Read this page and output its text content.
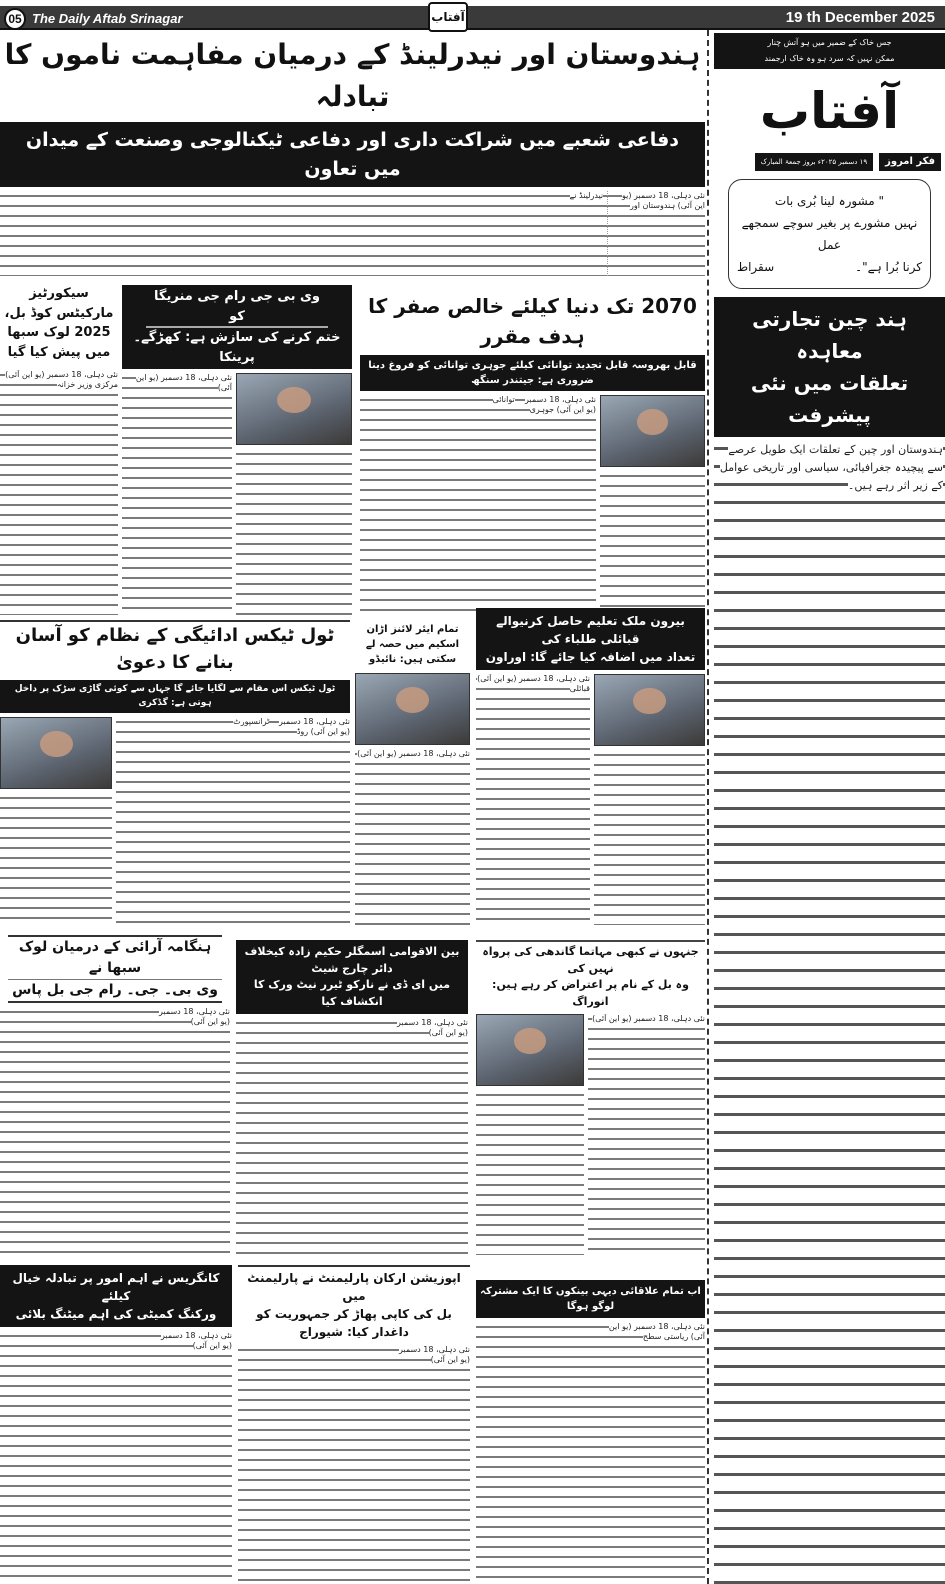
05 The Daily Aftab Srinagar	آفتاب	19 th December 2025
ہندوستان اور نیدرلینڈ کے درمیان مفاہمت ناموں کا تبادلہ
دفاعی شعبے میں شراکت داری اور دفاعی ٹیکنالوجی وصنعت کے میدان میں تعاون
نئی دہلی، 18 دسمبر (یو این آئی) ہندوستان اور نیدرلینڈ نے
سیکورٹیز مارکیٹس کوڈ بل، 2025 لوک سبھا میں پیش کیا گیا
نئی دہلی، 18 دسمبر (یو این آئی) مرکزی وزیر خزانہ
وی بی جی رام جی منریگا کو
ختم کرنے کی سازش ہے: کھڑگے۔ پرینکا
نئی دہلی، 18 دسمبر (یو این آئی)
2070 تک دنیا کیلئے خالص صفر کا ہدف مقرر
قابل بھروسہ قابل تجدید توانائی کیلئے جوہری توانائی کو فروغ دینا ضروری ہے: جیتندر سنگھ
نئی دہلی، 18 دسمبر (یو این آئی) جوہری توانائی
ٹول ٹیکس ادائیگی کے نظام کو آسان بنانے کا دعویٰ
ٹول ٹیکس اس مقام سے لگایا جائے گا جہاں سے کوئی گاڑی سڑک پر داخل ہوتی ہے: گڈکری
نئی دہلی، 18 دسمبر (یو این آئی) روڈ ٹرانسپورٹ
تمام ایئر لائنز اڑان اسکیم میں حصہ لے سکتی ہیں: نائیڈو
نئی دہلی، 18 دسمبر (یو این آئی)
بیرون ملک تعلیم حاصل کرنیوالے قبائلی طلباء کی
تعداد میں اضافہ کیا جائے گا: اوراون
نئی دہلی، 18 دسمبر (یو این آئی) قبائلی
ہنگامہ آرائی کے درمیان لوک سبھا نے
وی بی۔ جی۔ رام جی بل پاس
نئی دہلی، 18 دسمبر (یو این آئی)
بین الاقوامی اسمگلر حکیم زادہ کیخلاف دائر چارج شیٹ
میں ای ڈی نے نارکو ٹیرر نیٹ ورک کا انکشاف کیا
نئی دہلی، 18 دسمبر (یو این آئی)
جنہوں نے کبھی مہاتما گاندھی کی پرواہ نہیں کی
وہ بل کے نام پر اعتراض کر رہے ہیں: انوراگ
نئی دہلی، 18 دسمبر (یو این آئی)
کانگریس نے اہم امور پر تبادلہ خیال کیلئے
ورکنگ کمیٹی کی اہم میٹنگ بلائی
نئی دہلی، 18 دسمبر (یو این آئی)
اپوزیشن ارکان پارلیمنٹ نے پارلیمنٹ میں
بل کی کاپی پھاڑ کر جمہوریت کو داغدار کیا: شیوراج
نئی دہلی، 18 دسمبر (یو این آئی)
اب تمام علاقائی دیہی بینکوں کا ایک مشترکہ لوگو ہوگا
نئی دہلی، 18 دسمبر (یو این آئی) ریاستی سطح
جس خاک کے ضمیر میں ہو آتش چنار
ممکن نہیں کہ سرد ہو وہ خاک ارجمند
آفتاب
فکر امروز
۱۹ دسمبر ۲۰۲۵ء بروز جمعۃ المبارک
" مشورہ لینا بُری بات
نہیں مشورے پر بغیر سوچے سمجھے عمل
کرنا بُرا ہے"۔
سقراط
ہند چین تجارتی معاہدہ
تعلقات میں نئی پیشرفت
ہندوستان اور چین کے تعلقات ایک طویل عرصے سے پیچیدہ جغرافیائی، سیاسی اور تاریخی عوامل کے زیر اثر رہے ہیں۔
